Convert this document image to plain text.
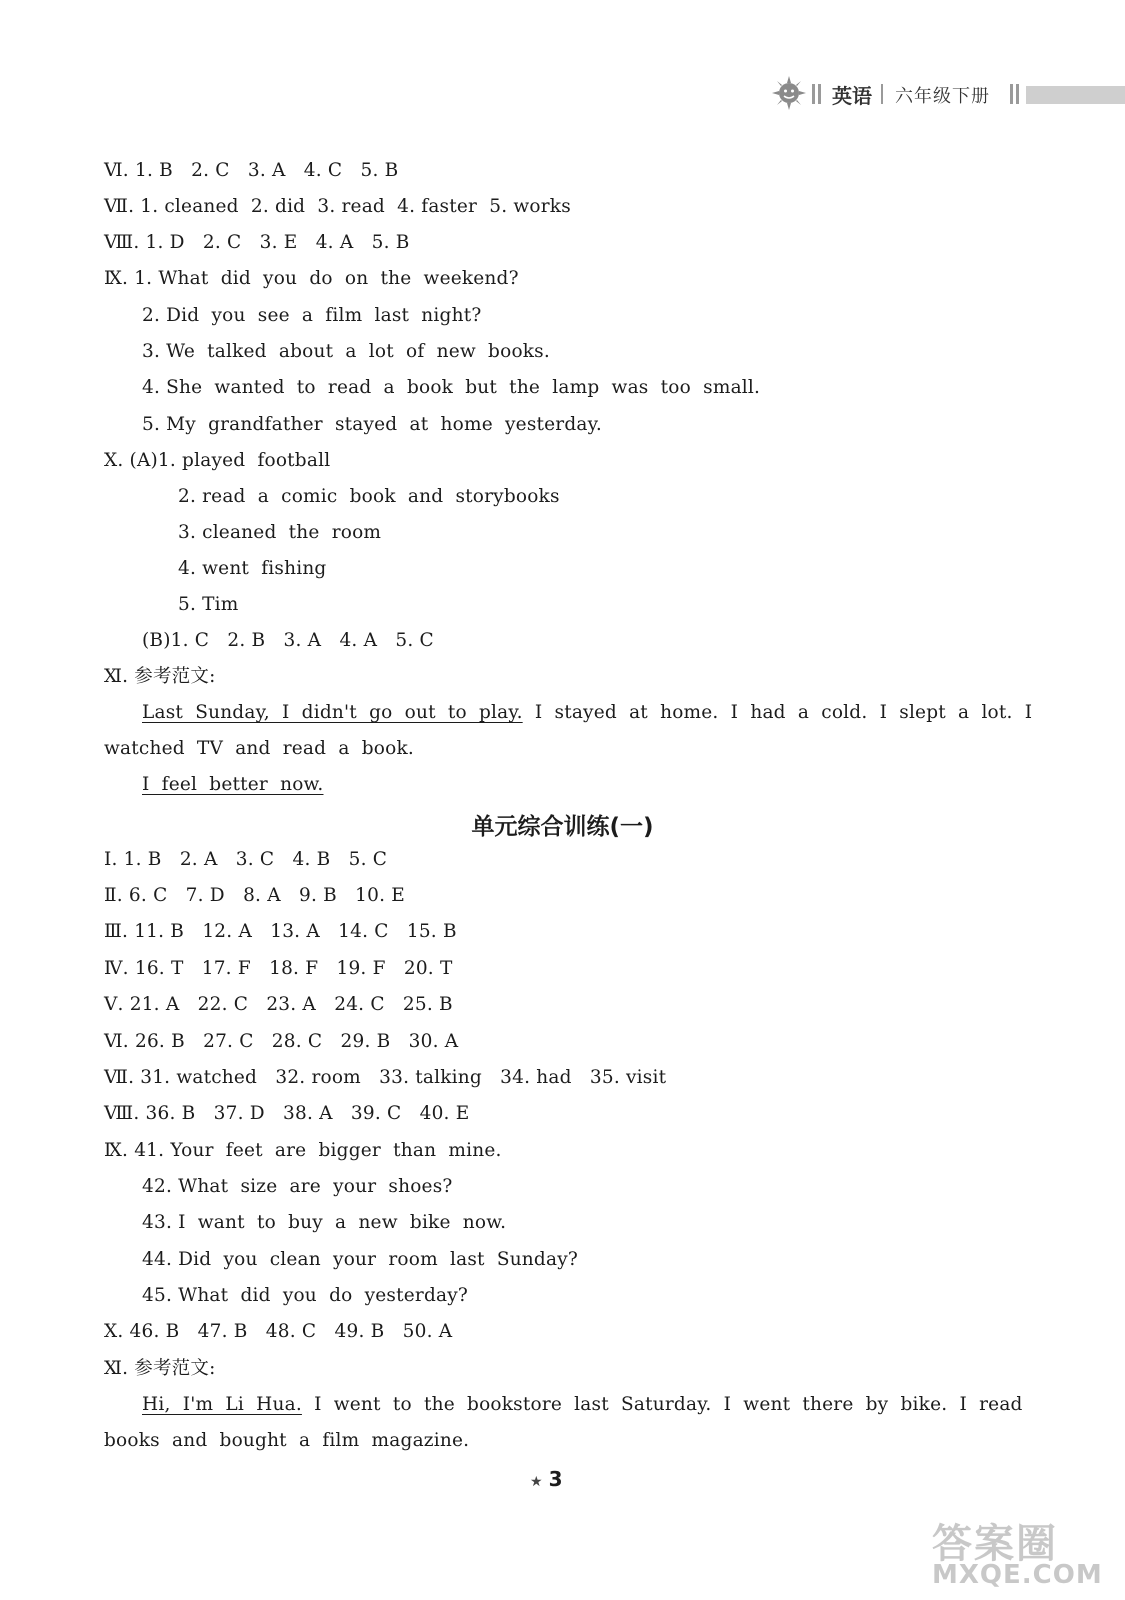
英语 六年级下册
Ⅵ. 1. B   2. C   3. A   4. C   5. B
Ⅶ. 1. cleaned  2. did  3. read  4. faster  5. works
Ⅷ. 1. D   2. C   3. E   4. A   5. B
Ⅸ. 1. What  did  you  do  on  the  weekend?
2. Did  you  see  a  film  last  night?
3. We  talked  about  a  lot  of  new  books.
4. She  wanted  to  read  a  book  but  the  lamp  was  too  small.
5. My  grandfather  stayed  at  home  yesterday.
Ⅹ. (A)1. played  football
2. read  a  comic  book  and  storybooks
3. cleaned  the  room
4. went  fishing
5. Tim
(B)1. C   2. B   3. A   4. A   5. C
Ⅺ. 参考范文:
Last  Sunday,  I  didn't  go  out  to  play.  I  stayed  at  home.  I  had  a  cold.  I  slept  a  lot.  I
watched  TV  and  read  a  book.
I  feel  better  now.
Ⅰ. 1. B   2. A   3. C   4. B   5. C
Ⅱ. 6. C   7. D   8. A   9. B   10. E
Ⅲ. 11. B   12. A   13. A   14. C   15. B
Ⅳ. 16. T   17. F   18. F   19. F   20. T
Ⅴ. 21. A   22. C   23. A   24. C   25. B
Ⅵ. 26. B   27. C   28. C   29. B   30. A
Ⅶ. 31. watched   32. room   33. talking   34. had   35. visit
Ⅷ. 36. B   37. D   38. A   39. C   40. E
Ⅸ. 41. Your  feet  are  bigger  than  mine.
42. What  size  are  your  shoes?
43. I  want  to  buy  a  new  bike  now.
44. Did  you  clean  your  room  last  Sunday?
45. What  did  you  do  yesterday?
Ⅹ. 46. B   47. B   48. C   49. B   50. A
Ⅺ. 参考范文:
Hi,  I'm  Li  Hua.  I  went  to  the  bookstore  last  Saturday.  I  went  there  by  bike.  I  read
books  and  bought  a  film  magazine.
单元综合训练(一)
★ 3
答案圈
MXQE.COM
